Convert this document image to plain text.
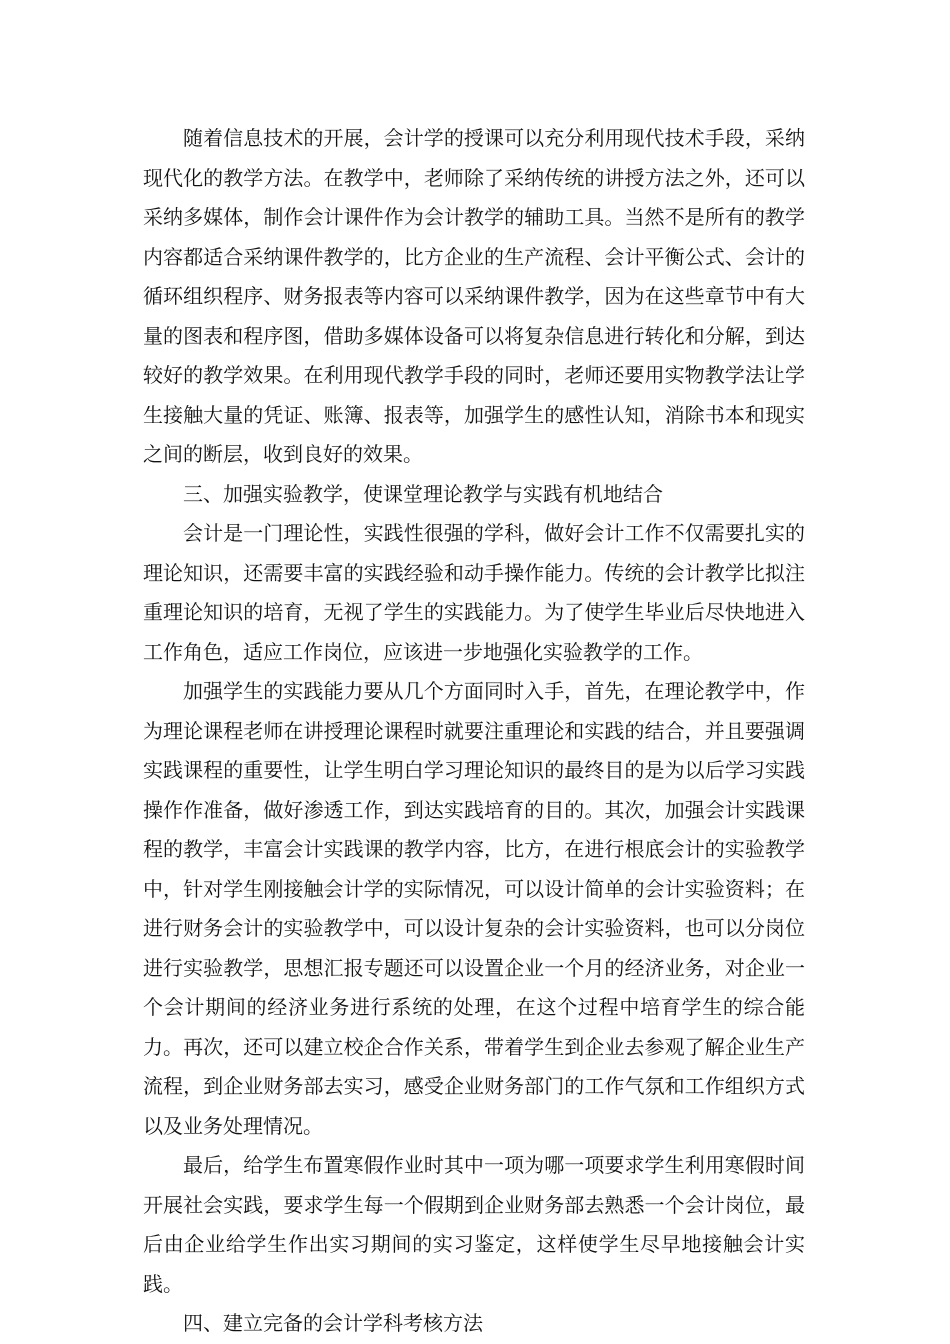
随着信息技术的开展，会计学的授课可以充分利用现代技术手段，采纳现代化的教学方法。在教学中，老师除了采纳传统的讲授方法之外，还可以采纳多媒体，制作会计课件作为会计教学的辅助工具。当然不是所有的教学内容都适合采纳课件教学的，比方企业的生产流程、会计平衡公式、会计的循环组织程序、财务报表等内容可以采纳课件教学，因为在这些章节中有大量的图表和程序图，借助多媒体设备可以将复杂信息进行转化和分解，到达较好的教学效果。在利用现代教学手段的同时，老师还要用实物教学法让学生接触大量的凭证、账簿、报表等，加强学生的感性认知，消除书本和现实之间的断层，收到良好的效果。

三、加强实验教学，使课堂理论教学与实践有机地结合

会计是一门理论性，实践性很强的学科，做好会计工作不仅需要扎实的理论知识，还需要丰富的实践经验和动手操作能力。传统的会计教学比拟注重理论知识的培育，无视了学生的实践能力。为了使学生毕业后尽快地进入工作角色，适应工作岗位，应该进一步地强化实验教学的工作。

加强学生的实践能力要从几个方面同时入手，首先，在理论教学中，作为理论课程老师在讲授理论课程时就要注重理论和实践的结合，并且要强调实践课程的重要性，让学生明白学习理论知识的最终目的是为以后学习实践操作作准备，做好渗透工作，到达实践培育的目的。其次，加强会计实践课程的教学，丰富会计实践课的教学内容，比方，在进行根底会计的实验教学中，针对学生刚接触会计学的实际情况，可以设计简单的会计实验资料；在进行财务会计的实验教学中，可以设计复杂的会计实验资料，也可以分岗位进行实验教学，思想汇报专题还可以设置企业一个月的经济业务，对企业一个会计期间的经济业务进行系统的处理，在这个过程中培育学生的综合能力。再次，还可以建立校企合作关系，带着学生到企业去参观了解企业生产流程，到企业财务部去实习，感受企业财务部门的工作气氛和工作组织方式以及业务处理情况。

最后，给学生布置寒假作业时其中一项为哪一项要求学生利用寒假时间开展社会实践，要求学生每一个假期到企业财务部去熟悉一个会计岗位，最后由企业给学生作出实习期间的实习鉴定，这样使学生尽早地接触会计实践。

四、建立完备的会计学科考核方法
